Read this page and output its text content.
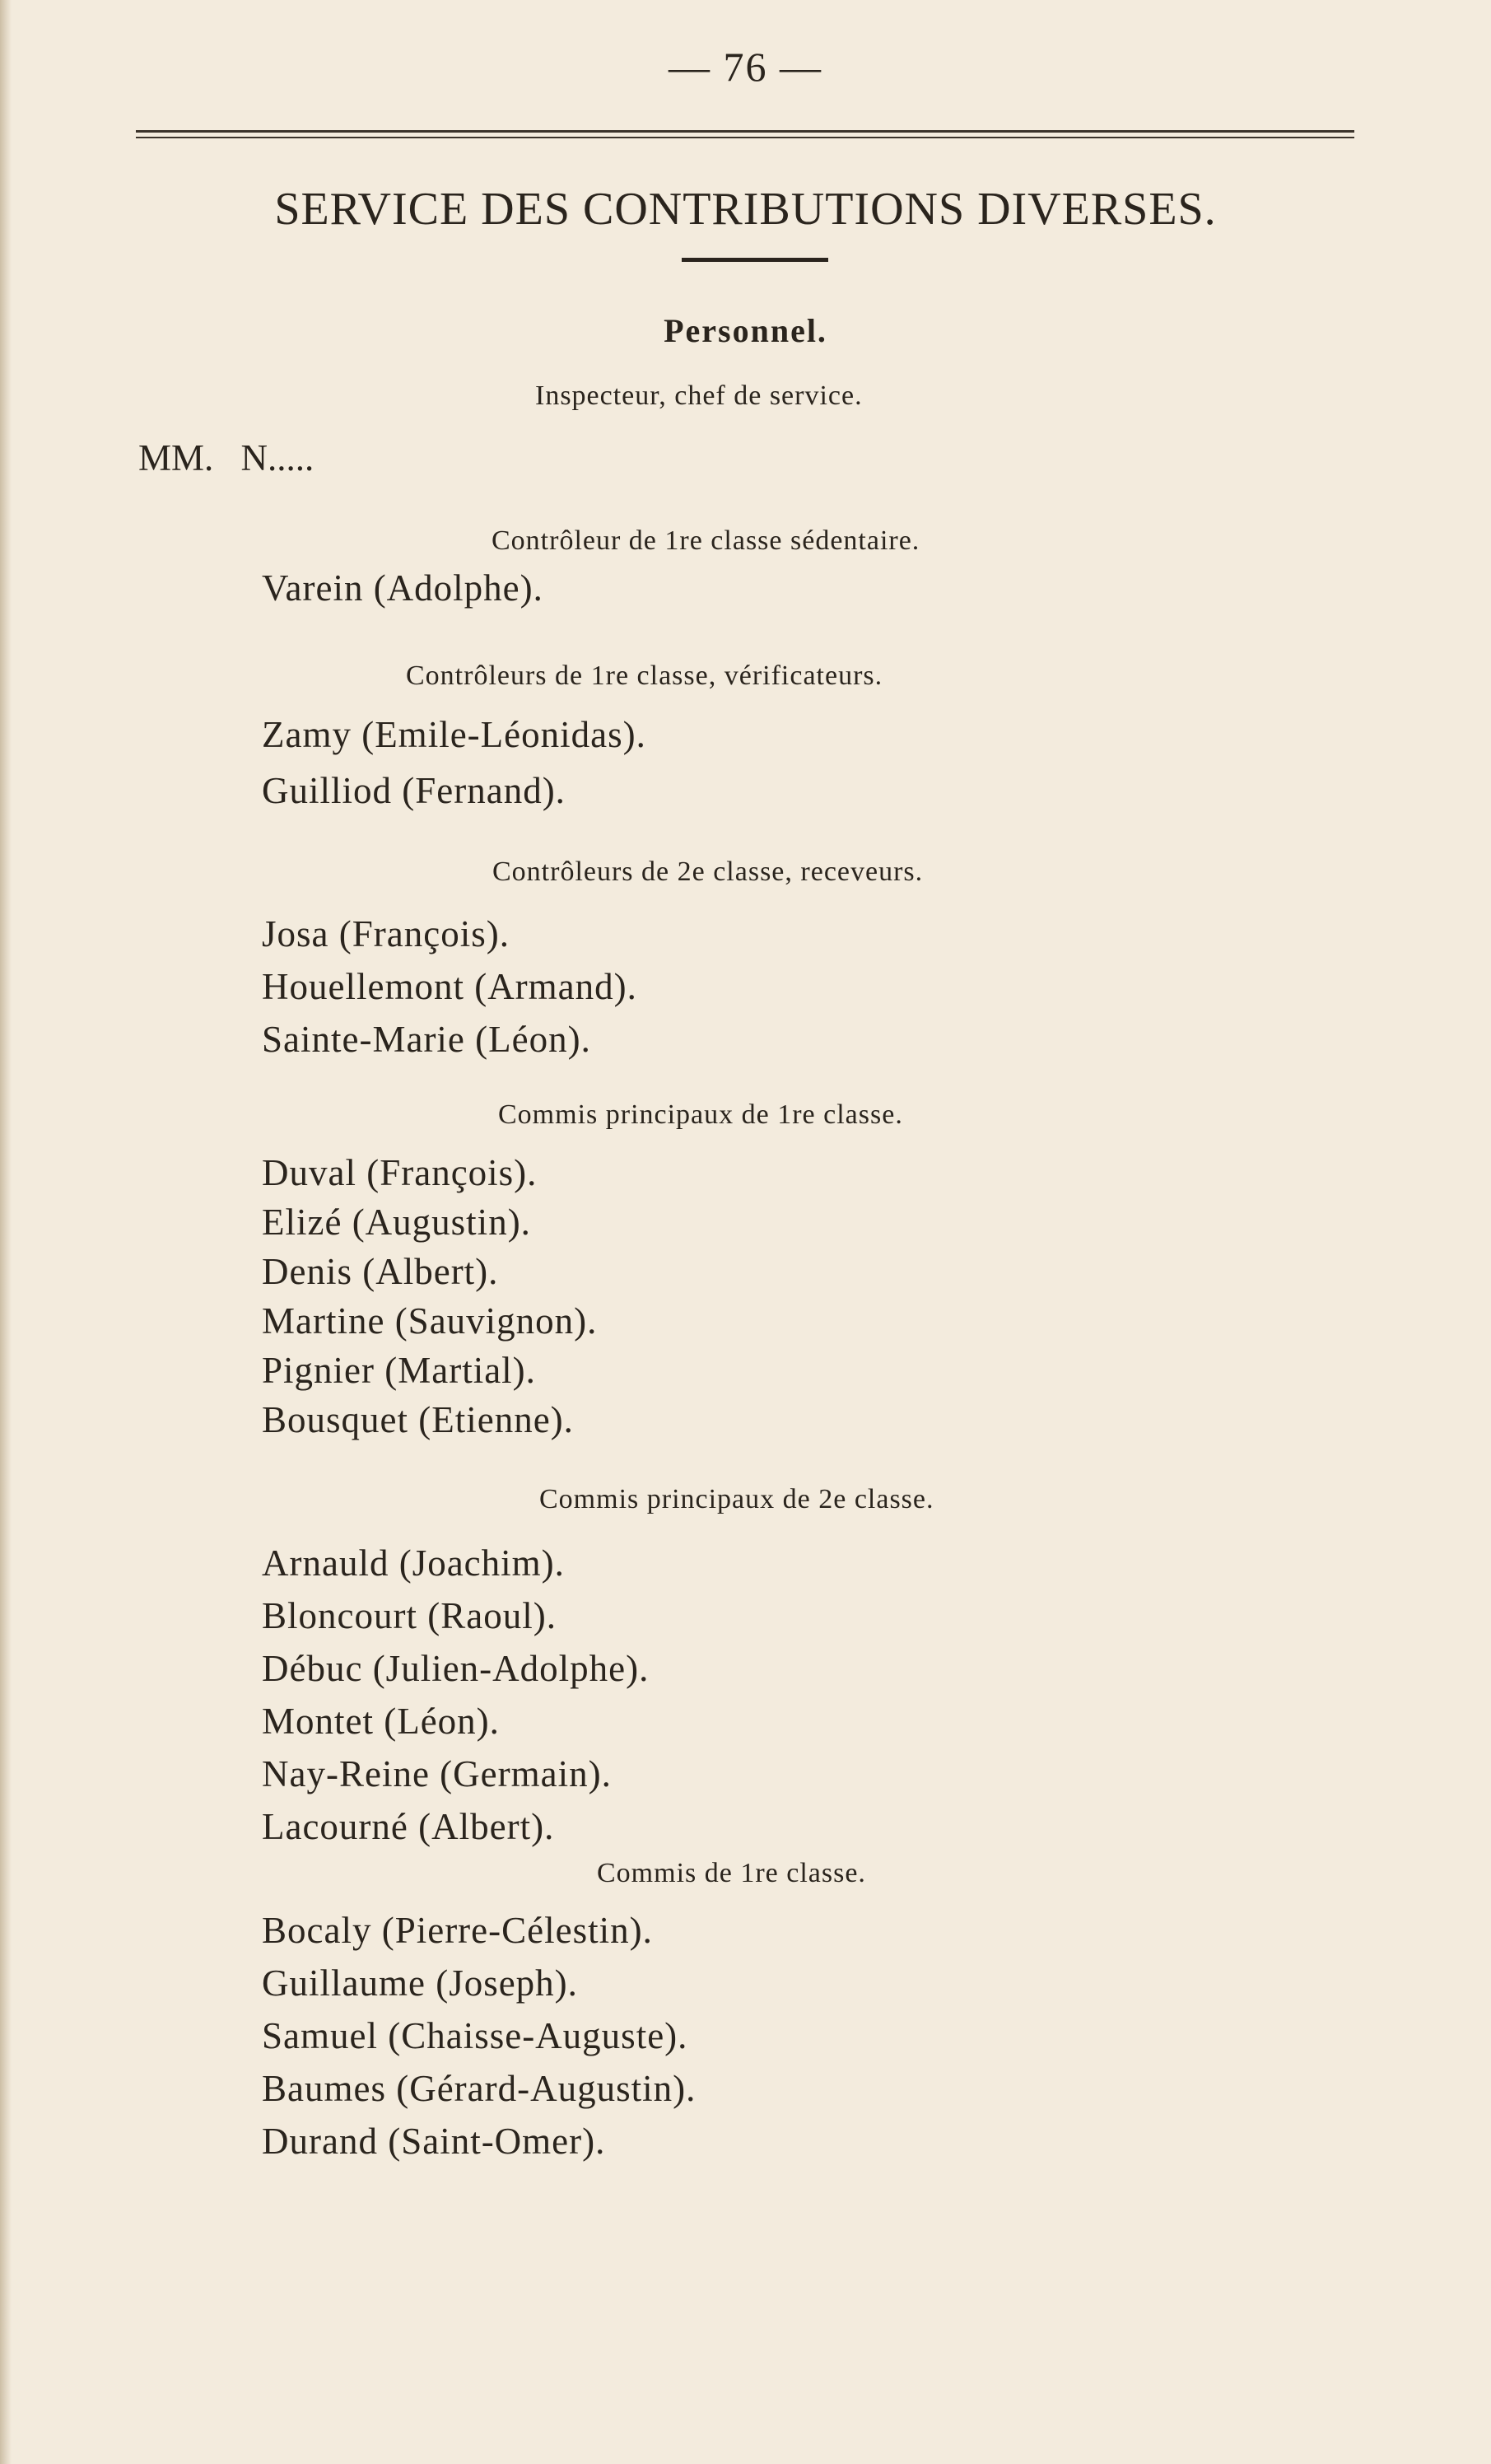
— 76 —
SERVICE DES CONTRIBUTIONS DIVERSES.
Personnel.
Inspecteur, chef de service.
MM. N.....
Contrôleur de 1re classe sédentaire.
Varein (Adolphe).
Contrôleurs de 1re classe, vérificateurs.
Zamy (Emile-Léonidas).
Guilliod (Fernand).
Contrôleurs de 2e classe, receveurs.
Josa (François).
Houellemont (Armand).
Sainte-Marie (Léon).
Commis principaux de 1re classe.
Duval (François).
Elizé (Augustin).
Denis (Albert).
Martine (Sauvignon).
Pignier (Martial).
Bousquet (Etienne).
Commis principaux de 2e classe.
Arnauld (Joachim).
Bloncourt (Raoul).
Débuc (Julien-Adolphe).
Montet (Léon).
Nay-Reine (Germain).
Lacourné (Albert).
Commis de 1re classe.
Bocaly (Pierre-Célestin).
Guillaume (Joseph).
Samuel (Chaisse-Auguste).
Baumes (Gérard-Augustin).
Durand (Saint-Omer).
